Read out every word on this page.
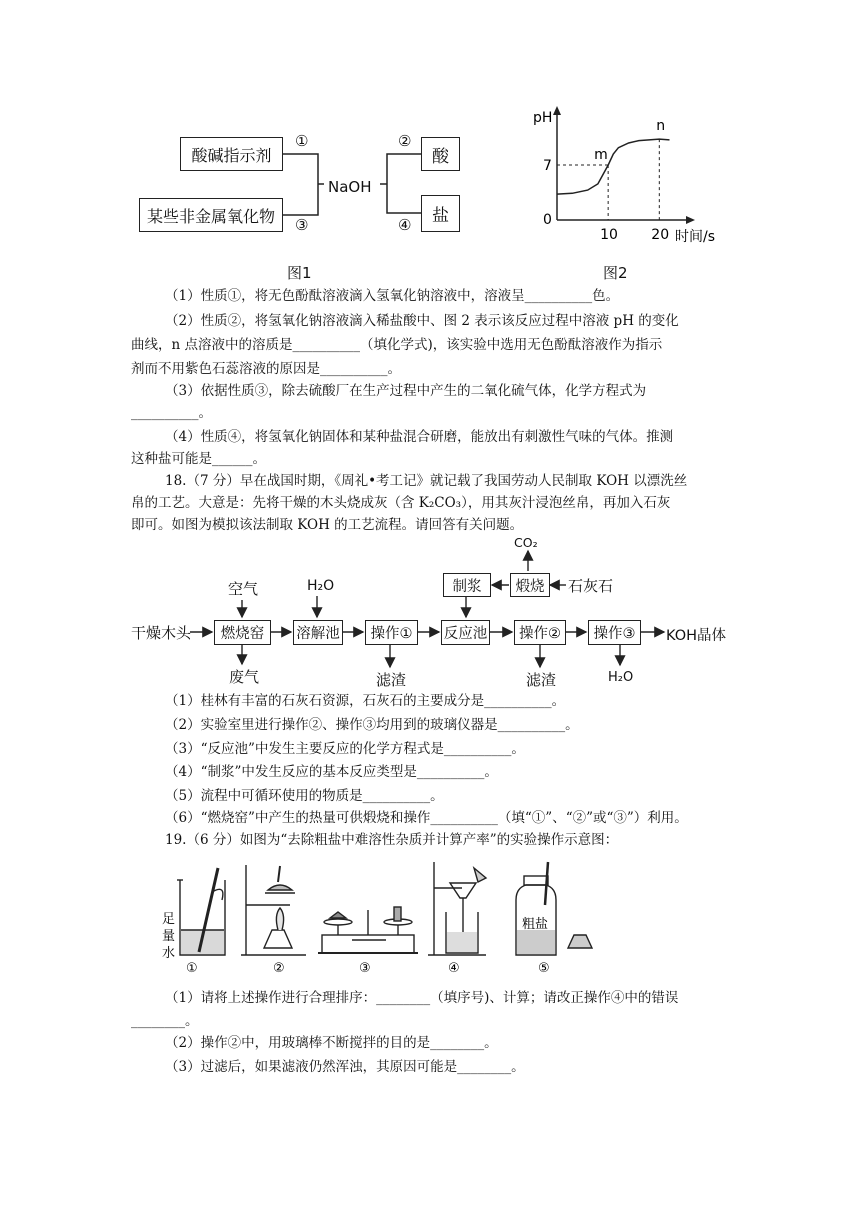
酸碱指示剂
某些非金属氧化物
NaOH
酸
盐
①	②
③	④
图1
pH
时间/s
10 20
0
7
m
n
图2
（1）性质①，将无色酚酞溶液滴入氢氧化钠溶液中，溶液呈__________色。
（2）性质②，将氢氧化钠溶液滴入稀盐酸中、图 2 表示该反应过程中溶液 pH 的变化
曲线，n 点溶液中的溶质是__________（填化学式)，该实验中选用无色酚酞溶液作为指示
剂而不用紫色石蕊溶液的原因是__________。
（3）依据性质③，除去硫酸厂在生产过程中产生的二氧化硫气体，化学方程式为
__________。
（4）性质④，将氢氧化钠固体和某种盐混合研磨，能放出有刺激性气味的气体。推测
这种盐可能是______。
18.（7 分）早在战国时期，《周礼•考工记》就记载了我国劳动人民制取 KOH 以漂洗丝
帛的工艺。大意是：先将干燥的木头烧成灰（含 K₂CO₃），用其灰汁浸泡丝帛，再加入石灰
即可。如图为模拟该法制取 KOH 的工艺流程。请回答有关问题。
干燥木头
空气
燃烧窑
废气
H₂O
溶解池 操作①
滤渣
反应池 操作②
滤渣
操作③
H₂O
KOH晶体
制浆 煅烧 石灰石
CO₂
（1）桂林有丰富的石灰石资源，石灰石的主要成分是__________。
（2）实验室里进行操作②、操作③均用到的玻璃仪器是__________。
（3）“反应池”中发生主要反应的化学方程式是__________。
（4）“制浆”中发生反应的基本反应类型是__________。
（5）流程中可循环使用的物质是__________。
（6）“燃烧窑”中产生的热量可供煅烧和操作__________（填“①”、“②”或“③”）利用。
19.（6 分）如图为“去除粗盐中难溶性杂质并计算产率”的实验操作示意图：
足
量
水
粗盐
①	②	③	④	⑤
（1）请将上述操作进行合理排序：________（填序号)、计算；请改正操作④中的错误
________。
（2）操作②中，用玻璃棒不断搅拌的目的是________。
（3）过滤后，如果滤液仍然浑浊，其原因可能是________。
